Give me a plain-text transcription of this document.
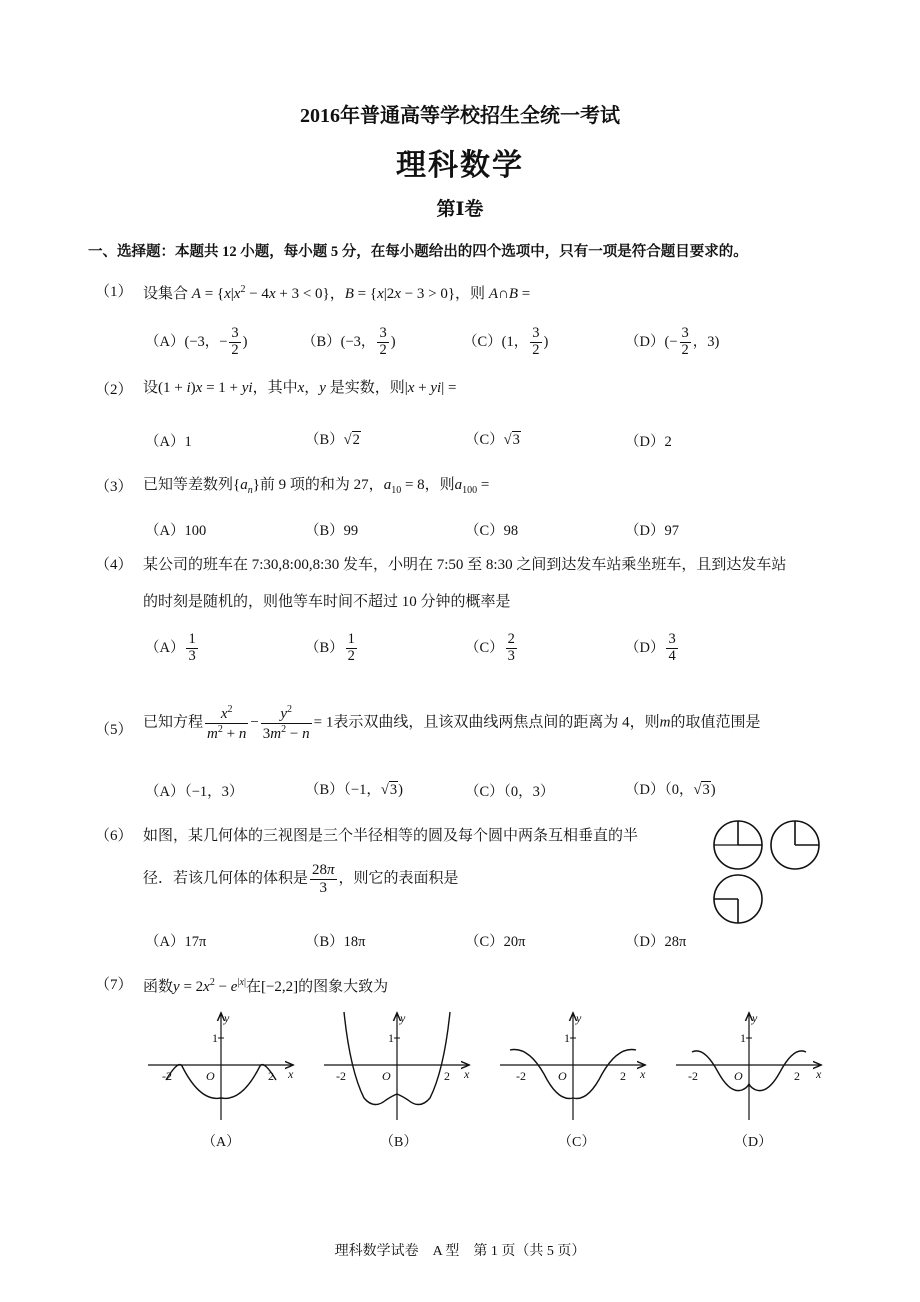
2016年普通高等学校招生全统一考试
理科数学
第Ⅰ卷
一、选择题：本题共 12 小题，每小题 5 分，在每小题给出的四个选项中，只有一项是符合题目要求的。
（1） 设集合 $A = \{x|x^2 - 4x + 3 < 0\}$，B = {x|2x − 3 > 0}，则 A∩B =
（A）(−3，− $\frac{3}{2}$ )	（B）(−3， $\frac{3}{2}$ )	（C）(1， $\frac{3}{2}$ )	$(D)(- \frac{3}{2}$ ，3)
（2） 设(1 + i)x = 1 + yi，其中x，y 是实数，则|x + yi| =
（A）1	（B）√2	（C）√3	（D）2
（3） 已知等差数列$\{a_n\}$前 9 项的和为 27，$a_{10} = 8$，则$a_{100}$ =
（A）100	（B）99	（C）98	（D）97
（4） 某公司的班车在 7:30,8:00,8:30 发车，小明在 7:50 至 8:30 之间到达发车站乘坐班车，且到达发车站
的时刻是随机的，则他等车时间不超过 10 分钟的概率是
$(A) \frac{1}{3}$	$(B) \frac{1}{2}$	$(C) \frac{2}{3}$	$(D) \frac{3}{4}$
（5） 已知方程 $\frac{x^2}{m^2 + n} - \frac{y^2}{3m^2 - n} = 1$表示双曲线，且该双曲线两焦点间的距离为 4，则m的取值范围是
（A）（−1，3）	（B）（−1，√3)	（C）（0，3）	（D）（0，√3)
（6） 如图，某几何体的三视图是三个半径相等的圆及每个圆中两条互相垂直的半
径．若该几何体的体积是 $\frac{28\pi}{3}$ ，则它的表面积是
（A）17π	（B）18π	（C）20π	（D）28π
（7） 函数$y = 2x^2 - e^{|x|}$在[−2,2]的图象大致为
y
1
O
-2	2 x
（A）
y
1
O
-2	2 x
（B）
y
1
O
-2	2 x
（C）
y
1
O
-2	2 x
（D）
理科数学试卷　A 型　第 1 页（共 5 页）
